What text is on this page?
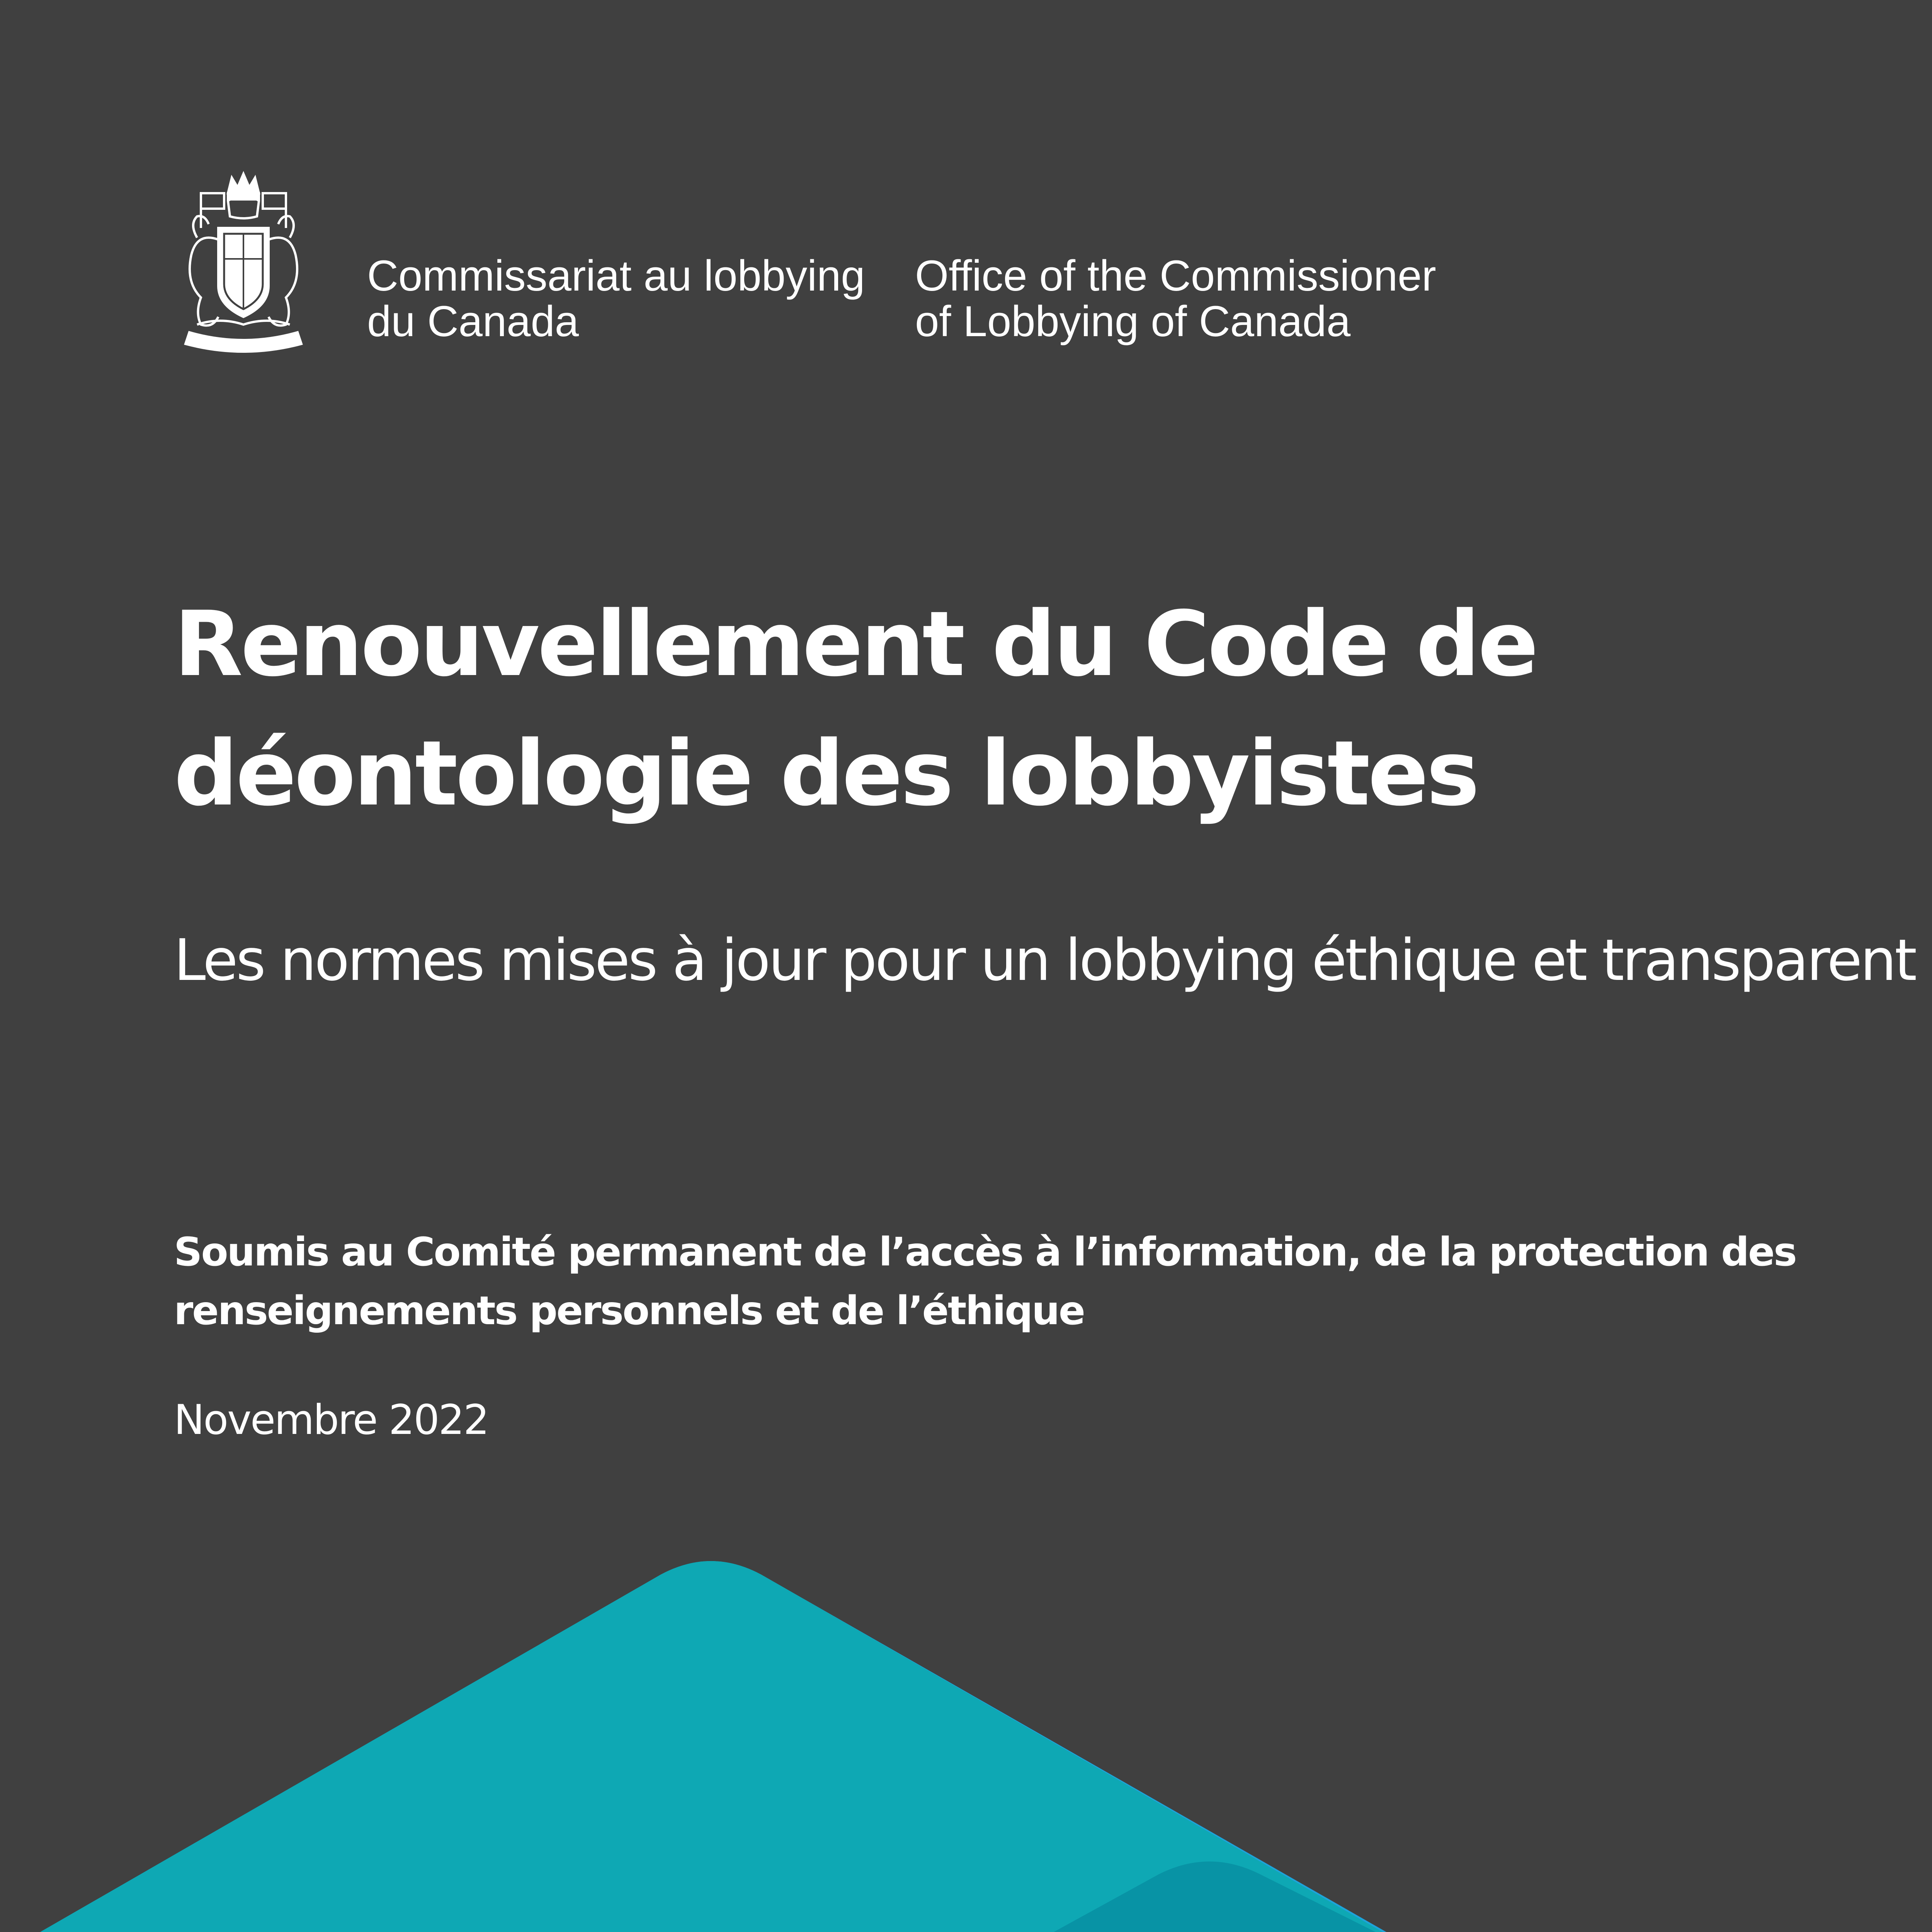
Commissariat au lobbying
du Canada
Office of the Commissioner
of Lobbying of Canada
Renouvellement du Code de
déontologie des lobbyistes
Les normes mises à jour pour un lobbying éthique et transparent
Soumis au Comité permanent de l’accès à l’information, de la protection des
renseignements personnels et de l’éthique
Novembre 2022
